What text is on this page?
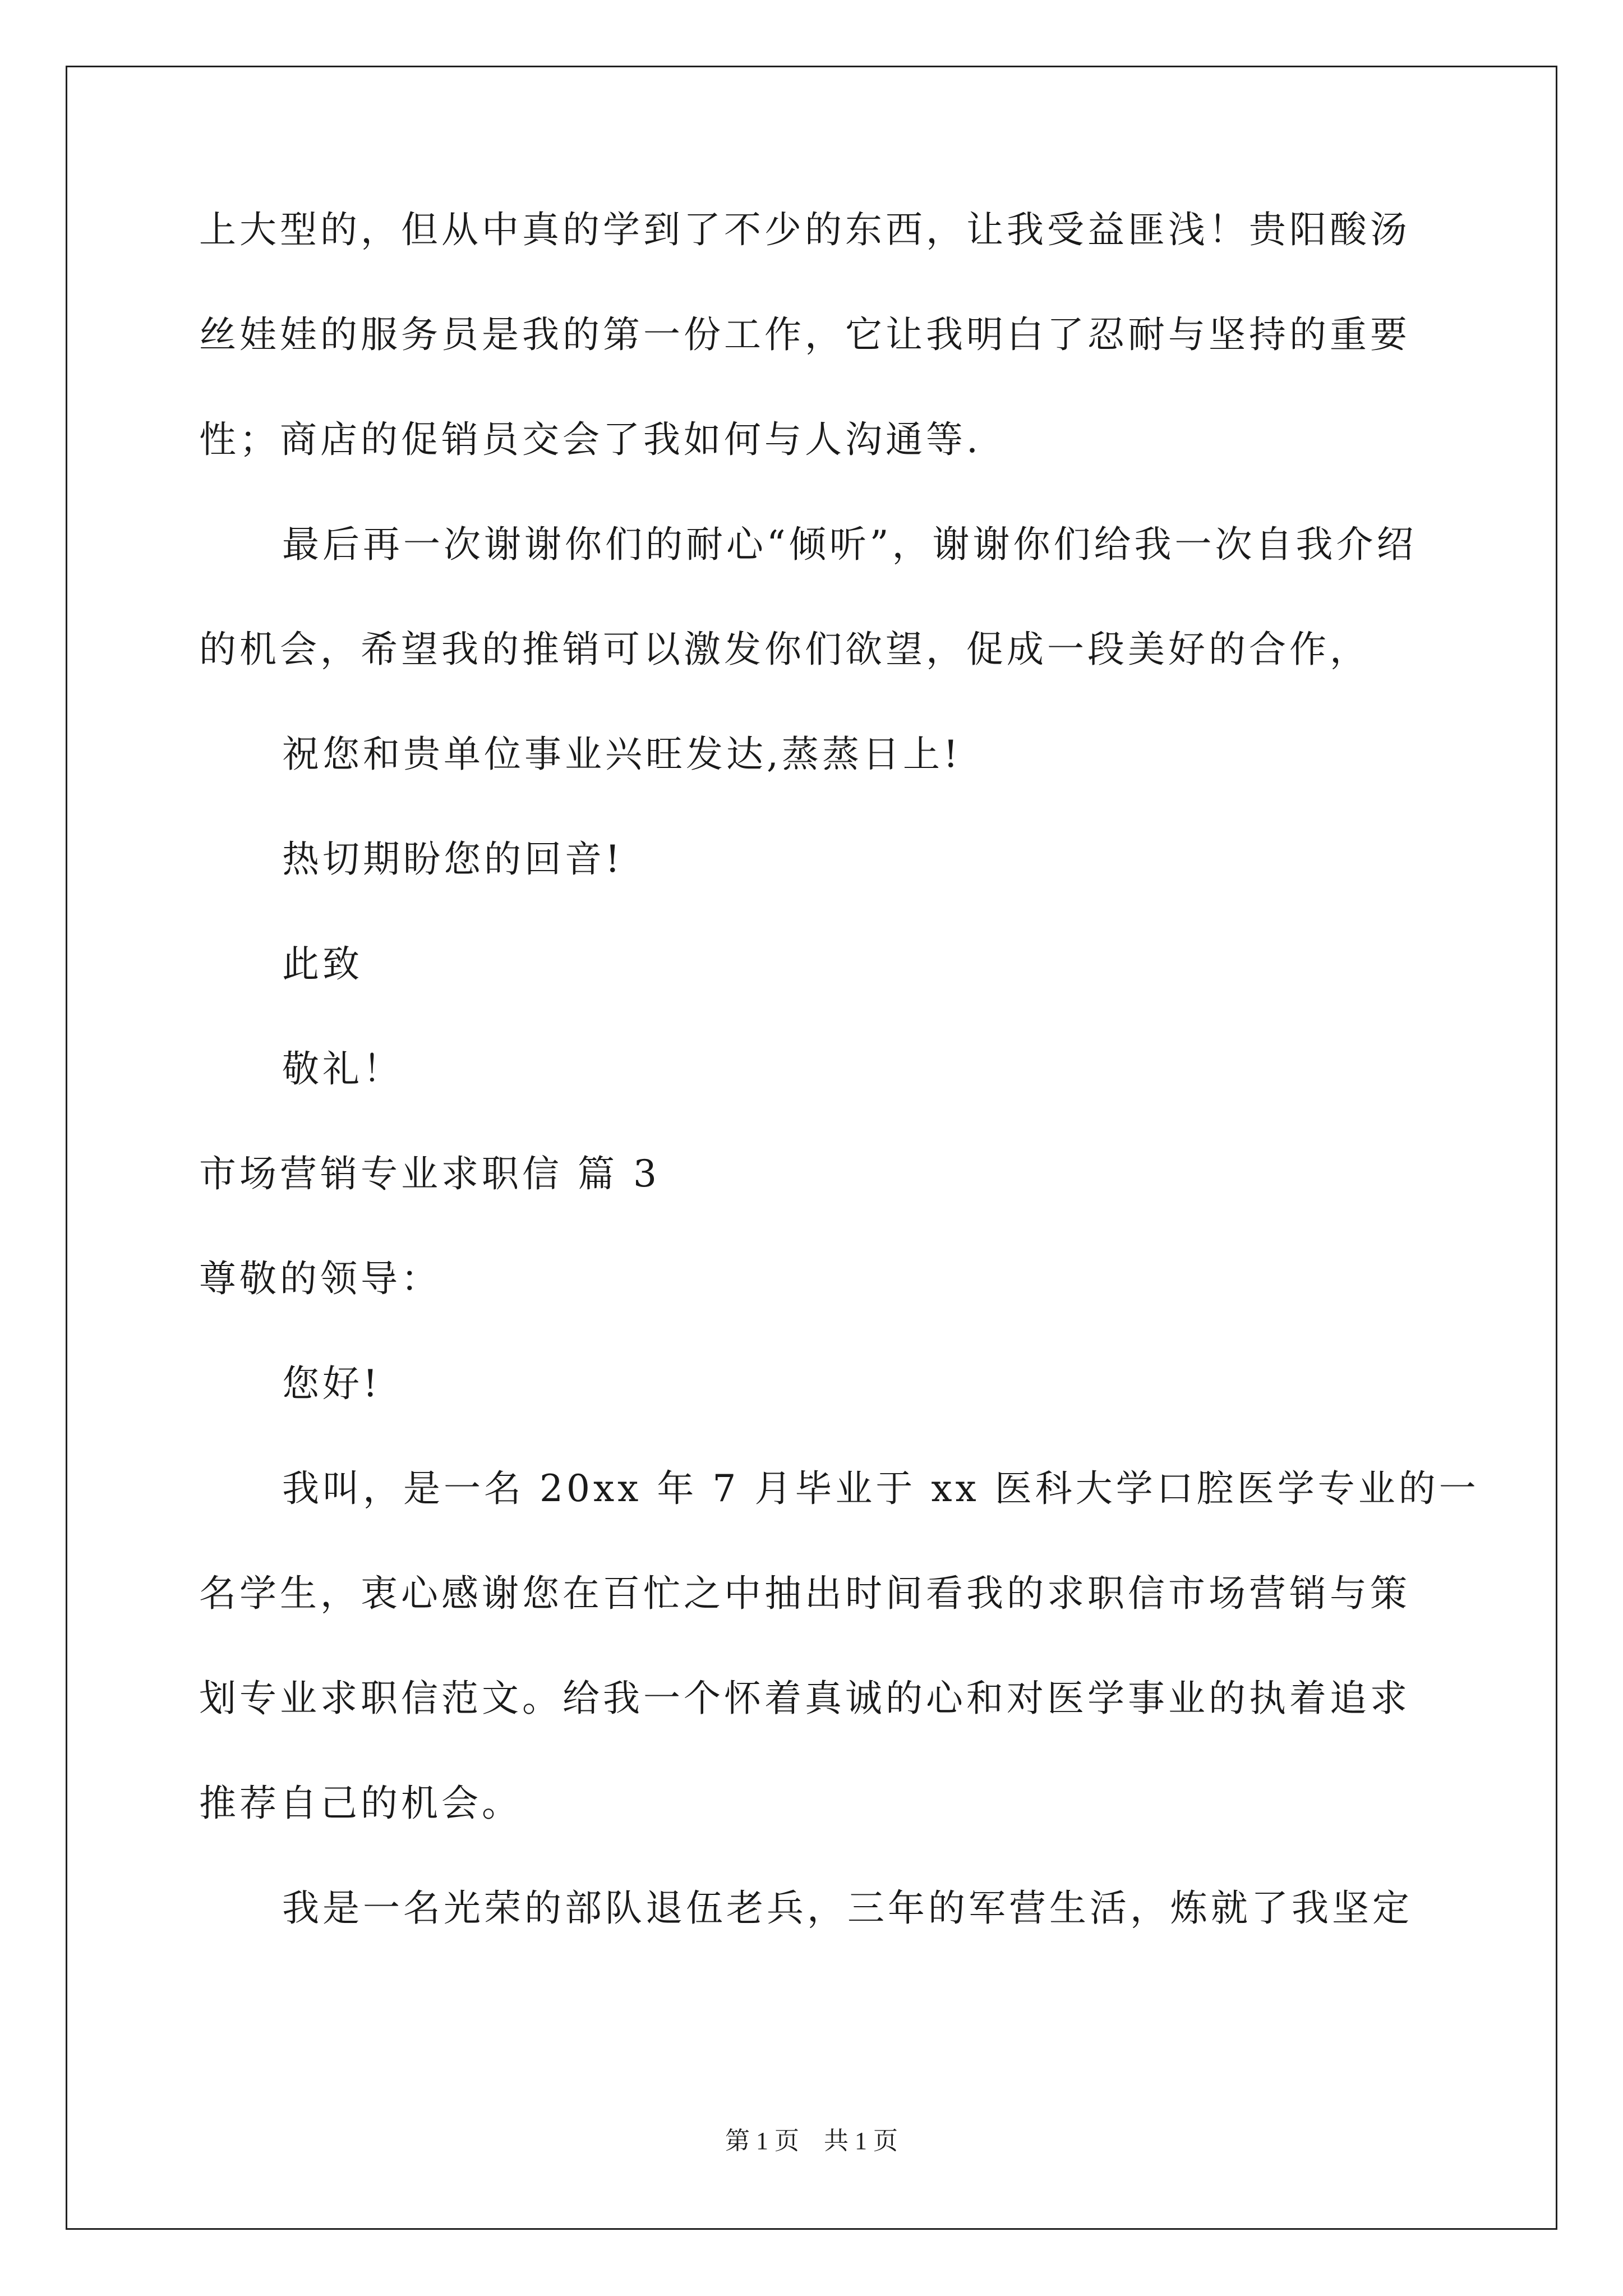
上大型的，但从中真的学到了不少的东西，让我受益匪浅！贵阳酸汤
丝娃娃的服务员是我的第一份工作，它让我明白了忍耐与坚持的重要
性；商店的促销员交会了我如何与人沟通等.
最后再一次谢谢你们的耐心“倾听”，谢谢你们给我一次自我介绍
的机会，希望我的推销可以激发你们欲望，促成一段美好的合作，
祝您和贵单位事业兴旺发达,蒸蒸日上!
热切期盼您的回音!
此致
敬礼！
市场营销专业求职信 篇 3
尊敬的领导：
您好!
我叫，是一名 20xx 年 7 月毕业于 xx 医科大学口腔医学专业的一
名学生，衷心感谢您在百忙之中抽出时间看我的求职信市场营销与策
划专业求职信范文。给我一个怀着真诚的心和对医学事业的执着追求
推荐自己的机会。
我是一名光荣的部队退伍老兵，三年的军营生活，炼就了我坚定
第 1 页　共 1 页
